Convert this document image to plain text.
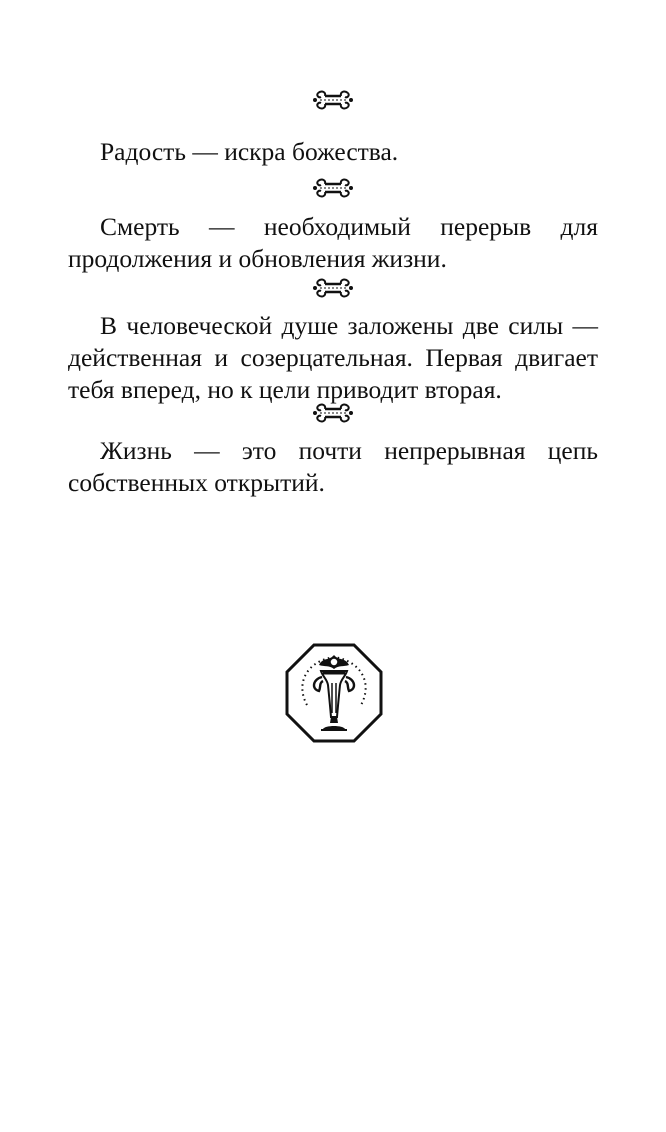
Радость — искра божества.

Смерть — необходимый перерыв для продолжения и обновления жизни.

В человеческой душе заложены две силы — действенная и созерцательная. Первая двигает тебя вперед, но к цели приводит вторая.

Жизнь — это почти непрерывная цепь собственных открытий.
